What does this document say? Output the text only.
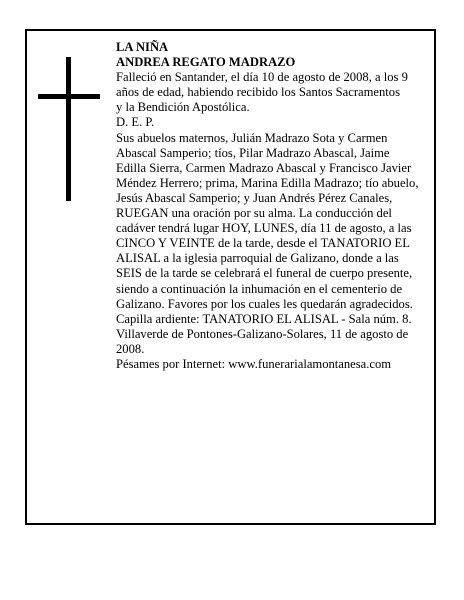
LA NIÑA

ANDREA REGATO MADRAZO

Falleció en Santander, el día 10 de agosto de 2008, a los 9 años de edad, habiendo recibido los Santos Sacramentos

y la Bendición Apostólica.

D. E. P.

Sus abuelos maternos, Julián Madrazo Sota y Carmen Abascal Samperio; tíos, Pilar Madrazo Abascal, Jaime Edilla Sierra, Carmen Madrazo Abascal y Francisco Javier Méndez Herrero; prima, Marina Edilla Madrazo; tío abuelo, Jesús Abascal Samperio; y Juan Andrés Pérez Canales,

RUEGAN una oración por su alma. La conducción del cadáver tendrá lugar HOY, LUNES, día 11 de agosto, a las CINCO Y VEINTE de la tarde, desde el TANATORIO EL ALISAL a la iglesia parroquial de Galizano, donde a las SEIS de la tarde se celebrará el funeral de cuerpo presente, siendo a continuación la inhumación en el cementerio de Galizano. Favores por los cuales les quedarán agradecidos.

Capilla ardiente: TANATORIO EL ALISAL - Sala núm. 8.

Villaverde de Pontones-Galizano-Solares, 11 de agosto de 2008.

Pésames por Internet: www.funerarialamontanesa.com
